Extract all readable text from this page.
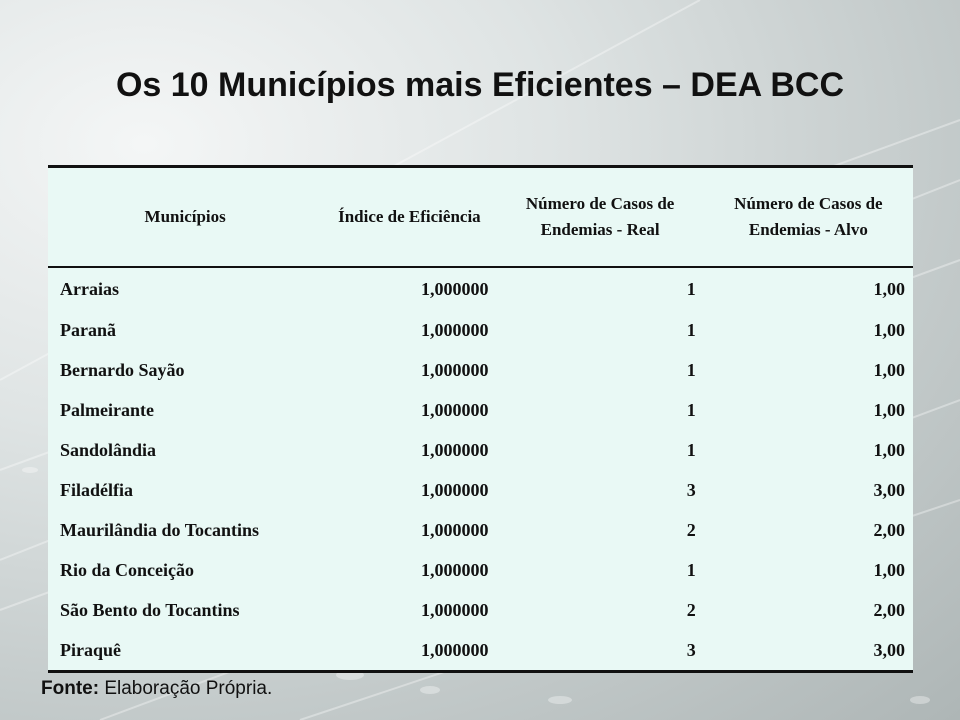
Os 10 Municípios mais Eficientes – DEA BCC
Municípios	Índice de Eficiência	Número de Casos de Endemias - Real	Número de Casos de Endemias - Alvo
Arraias	1,000000	1	1,00
Paranã	1,000000	1	1,00
Bernardo Sayão	1,000000	1	1,00
Palmeirante	1,000000	1	1,00
Sandolândia	1,000000	1	1,00
Filadélfia	1,000000	3	3,00
Maurilândia do Tocantins	1,000000	2	2,00
Rio da Conceição	1,000000	1	1,00
São Bento do Tocantins	1,000000	2	2,00
Piraquê	1,000000	3	3,00
Fonte: Elaboração Própria.
